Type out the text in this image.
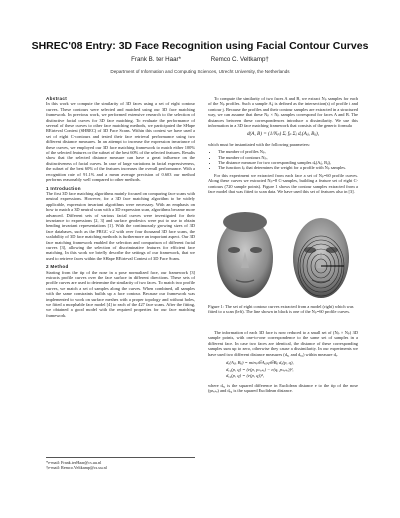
SHREC'08 Entry: 3D Face Recognition using Facial Contour Curves
Frank B. ter Haar*	Remco C. Veltkamp†
Department of Information and Computing Sciences, Utrecht University, the Netherlands
Abstract

In this work we compute the similarity of 3D faces using a set of eight contour curves. These contours were selected and matched using our 3D face matching framework. In previous work, we performed extensive research to the selection of distinctive facial curves for 3D face matching. To evaluate the performance of several of these curves to other face matching methods, we participated the SHape REtrieval Contest (SHREC) of 3D Face Scans. Within this contest we have used a set of eight C-contours and tested their face retrieval performance using two different distance measures. In an attempt to increase the expression invariance of these curves, we employed our 3D face matching framework to match either 100% of the selected features or the subset of the best 60% of the selected features. Results show that the selected distance measure can have a great influence on the distinctiveness of facial curves. In case of large variations in facial expressiveness, the subset of the best 60% of the features increases the overall performance. With a recognition rate of 91.1% and a mean average precision of 0.603 our method performs reasonably well compared to other methods.

1 Introduction

The first 3D face matching algorithms mainly focused on comparing face scans with neutral expressions. However, for a 3D face matching algorithm to be widely applicable, expression invariant algorithms were necessary. With an emphasis on how to match a 3D neutral scan with a 3D expression scan, algorithms became more advanced. Different sets of various facial curves were investigated for their invariance to expressions [2, 3] and surface geodesics were put to use to obtain bending invariant representations [1]. With the continuously growing sizes of 3D face databases, such as the FRGC v.2 with over four thousand 3D face scans, the scalability of 3D face matching methods is furthermore an important aspect. Our 3D face matching framework enabled the selection and comparison of different facial curves [3], allowing the selection of discriminative features for efficient face matching. In this work we briefly describe the settings of our framework, that we used to retrieve faces within the SHape REtrieval Contest of 3D Face Scans.

2 Method

Starting from the tip of the nose in a pose normalized face, our framework [3] extracts profile curves over the face surface in different directions. These sets of profile curves are used to determine the similarity of two faces. To match two profile curves, we match a set of samples along the curves. When combined, all samples with the same constraints builds up a face contour. Because our framework was implemented to work on surface meshes with a proper topology and without holes, we fitted a morphable face model [4] to each of the 427 face scans. After the fitting, we obtained a good model with the required properties for our face matching framework.

*e-mail: Frank.terHaar@cs.uu.nl
†e-mail: Remco.Veltkamp@cs.uu.nl

To compute the similarity of two faces A and B, we extract Nₚ samples for each of the Nₚ profiles. Such a sample Aᵢⱼ is defined as the intersection(s) of profile i and contour j. Because the profiles and their contour samples are extracted in a structured way, we can assume that these Nₚ × Nₚ samples correspond for faces A and B. The distances between these correspondences introduce a dissimilarity. We use this information in a 3D face matching framework that consists of the generic formula

d(A, B) = (1/Nₚ) Σᵢ fₚ Σⱼ dₑ(Aᵢⱼ, Bᵢⱼ),

which must be instantiated with the following parameters:

• The number of profiles Nₚ,
• The number of contours Nₚ,
• The distance measure for two corresponding samples dₑ(Aᵢⱼ, Bᵢⱼ),
• The function fₚ that determines the weight for a profile with Nₚ samples.

For this experiment we extracted from each face a set of Nₚ=60 profile curves. Along these curves we extracted Nₚ=8 C-samples, building a feature set of eight C-contours (720 sample points). Figure 1 shows the contour samples extracted from a face model that was fitted to scan data. We have used this set of features also in [3].

Figure 1: The set of eight contour curves extracted from a model (right) which was fitted to a scan (left). The line shown in black is one of the Nₚ=60 profile curves.

The information of each 3D face is now reduced to a small set of (Nₚ × Nₚ) 3D sample points, with one-to-one correspondence to the same set of samples in a different face. In case two faces are identical, the distance of these corresponding samples sum up to zero, otherwise they cause a dissimilarity. In our experiments we have used two different distance measures (dₑ₁ and dₑ₂) within measure dₑ.

dₑ(Aᵢⱼ, Bᵢⱼ) = minₚ∈Aᵢⱼ,q∈Bᵢⱼ dₑ(p, q),
dₑ₁(p, q) = (e(p, pₙₒₛₑ) − e(q, pₙₒₛₑ))²,
dₑ₂(p, q) = (e(p, q))²,

where dₑ₁ is the squared difference in Euclidean distance e to the tip of the nose (pₙₒₛₑ) and dₑ₂ is the squared Euclidean distance.
